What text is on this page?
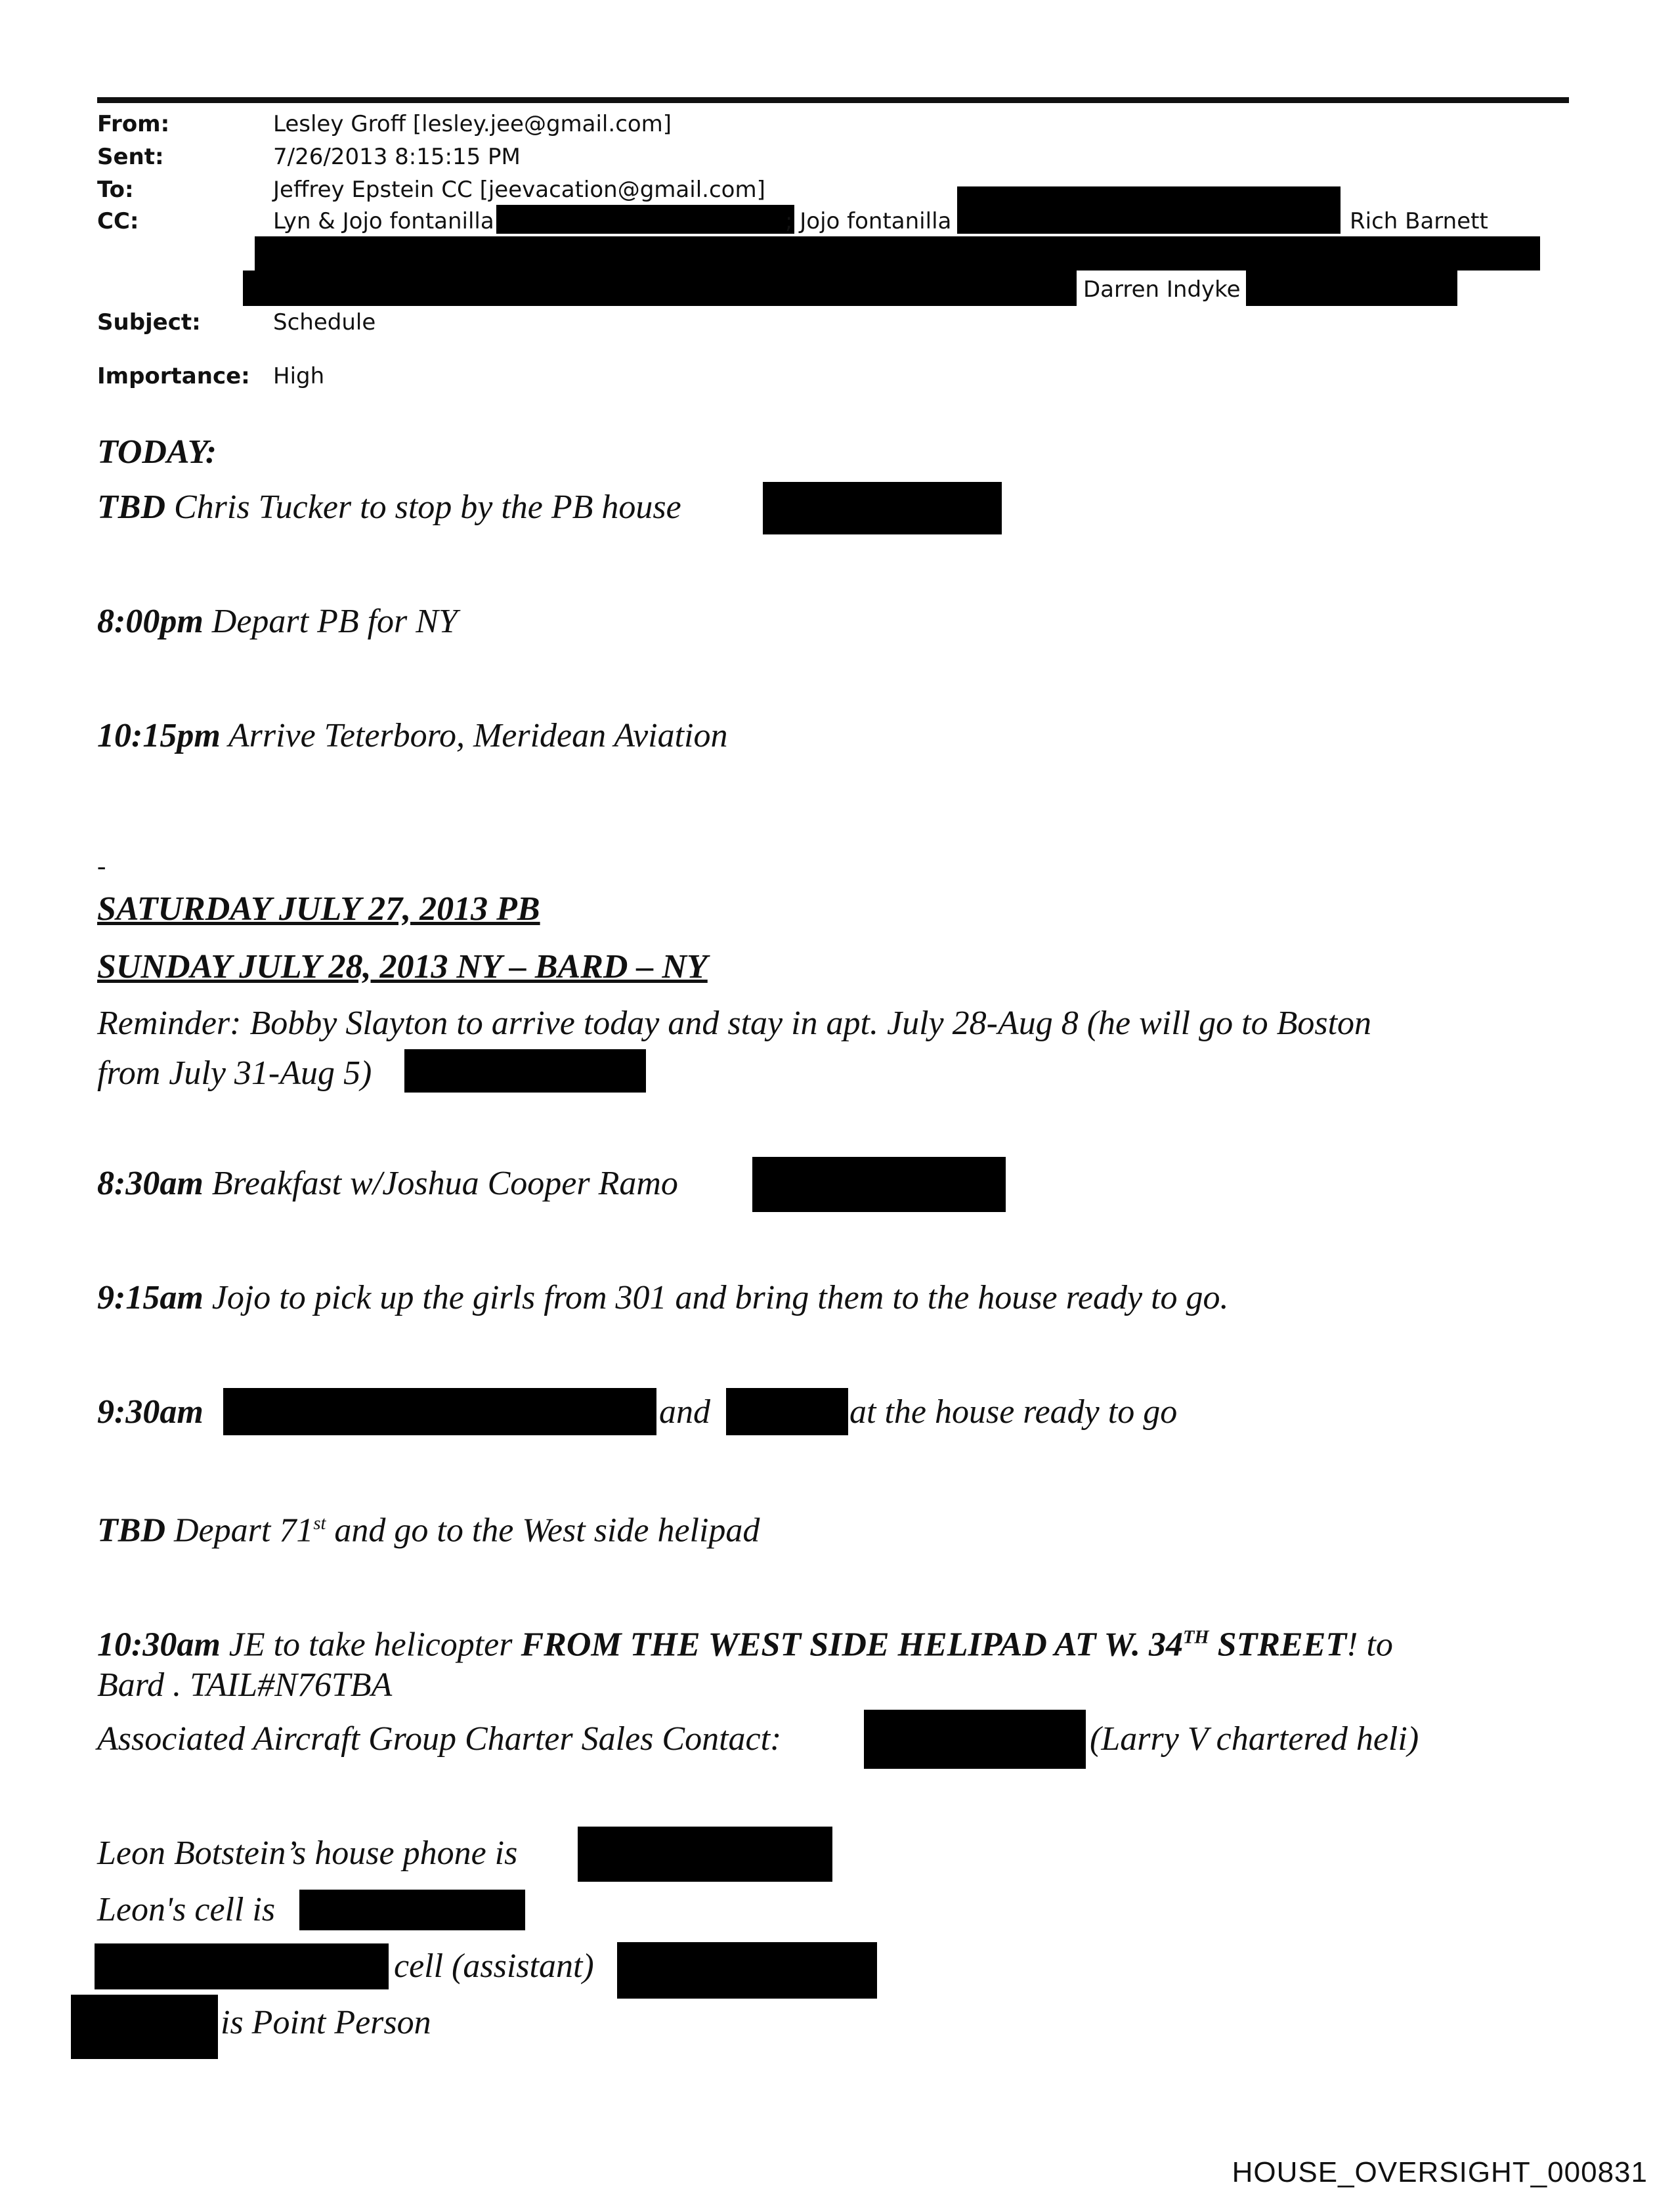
From:	Lesley Groff [lesley.jee@gmail.com]
Sent:	7/26/2013 8:15:15 PM
To:	Jeffrey Epstein CC [jeevacation@gmail.com]
CC:	Lyn & Jojo fontanilla	; Jojo fontanilla	Rich Barnett
Darren Indyke
Subject:	Schedule
Importance: High
TODAY:
TBD Chris Tucker to stop by the PB house
8:00pm Depart PB for NY
10:15pm Arrive Teterboro, Meridean Aviation
-
SATURDAY JULY 27, 2013 PB
SUNDAY JULY 28, 2013 NY – BARD – NY
Reminder: Bobby Slayton to arrive today and stay in apt. July 28-Aug 8 (he will go to Boston
from July 31-Aug 5)
8:30am Breakfast w/Joshua Cooper Ramo
9:15am Jojo to pick up the girls from 301 and bring them to the house ready to go.
9:30am	and	at the house ready to go
TBD Depart 71st and go to the West side helipad
10:30am JE to take helicopter FROM THE WEST SIDE HELIPAD AT W. 34TH STREET! to
Bard . TAIL#N76TBA
Associated Aircraft Group Charter Sales Contact:	(Larry V chartered heli)
Leon Botstein’s house phone is
Leon's cell is
cell (assistant)
is Point Person
HOUSE_OVERSIGHT_000831
